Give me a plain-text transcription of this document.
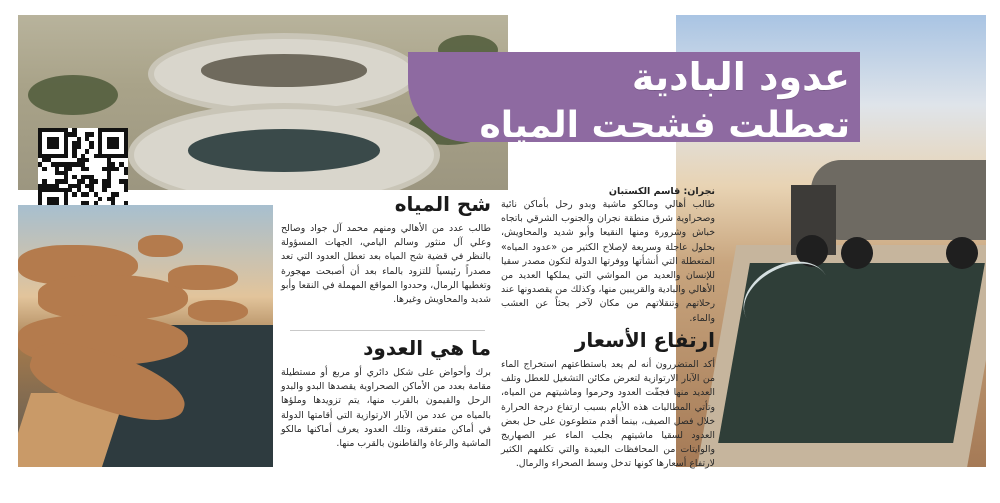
عدود البادية
تعطلت فشحت المياه
نجران: قاسم الكستبان
طالب أهالي ومالكو ماشية وبدو رحل بأماكن نائية وصحراوية شرق منطقة نجران والجنوب الشرقي باتجاه خباش وشرورة ومنها النقيعا وأبو شديد والمحاويش، بحلول عاجلة وسريعة لإصلاح الكثير من «عدود المياه» المتعطلة التي أنشأتها ووفرتها الدولة لتكون مصدر سقيا للإنسان والعديد من المواشي التي يملكها العديد من الأهالي والبادية والقريبين منها، وكذلك من يقصدونها عند رحلاتهم وتنقلاتهم من مكان لآخر بحثاً عن العشب والماء.
ارتفاع الأسعار
أكد المتضررون أنه لم يعد باستطاعتهم استخراج الماء من الآبار الارتوازية لتعرض مكائن التشغيل للعطل وتلف العديد منها فجفّت العدود وحرموا وماشيتهم من المياه، وتأتي المطالبات هذه الأيام بسبب ارتفاع درجة الحرارة خلال فصل الصيف، بينما أقدم متطوعون على حل بعض العدود لسقيا ماشيتهم بجلب الماء عبر الصهاريج والوايتات من المحافظات البعيدة والتي تكلفهم الكثير لارتفاع أسعارها كونها تدخل وسط الصحراء والرمال.
شح المياه
طالب عدد من الأهالي ومنهم محمد آل جواد وصالح وعلي آل منثور وسالم اليامي، الجهات المسؤولة بالنظر في قضية شح المياه بعد تعطل العدود التي تعد مصدراً رئيسياً للتزود بالماء بعد أن أصبحت مهجورة وتغطيها الرمال، وحددوا المواقع المهملة في النقعا وأبو شديد والمحاويش وغيرها.
ما هي العدود
برك وأحواض على شكل دائري أو مربع أو مستطيلة مقامة بعدد من الأماكن الصحراوية يقصدها البدو والبدو الرحل والقيمون بالقرب منها، يتم تزويدها وملؤها بالمياه من عدد من الآبار الارتوازية التي أقامتها الدولة في أماكن متفرقة، وتلك العدود يعرف أماكنها مالكو الماشية والرعاة والقاطنون بالقرب منها.
